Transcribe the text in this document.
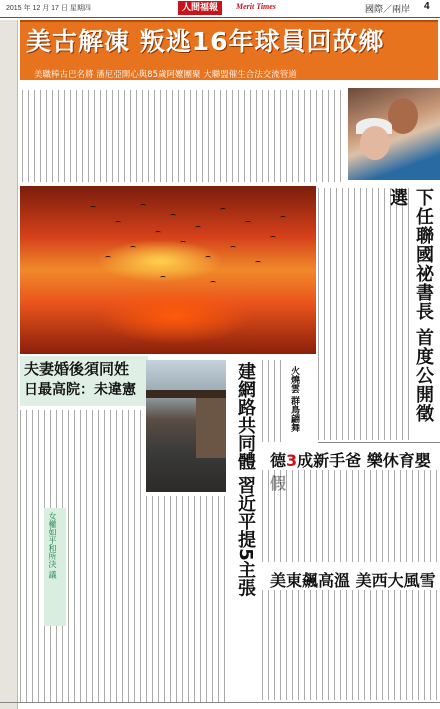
2015 年 12 月 17 日 星期四	人間福報	Merit Times	國際／兩岸 4
美古解凍 叛逃16年球員回故鄉
美職棒古巴名將 潘尼亞開心與85歲阿嬤團聚 大聯盟催生合法交流管道
下任聯國祕書長 首度公開徵選
夫妻婚後須同姓
日最高院：未違憲
女權如平和所決 議	建網路共同體 習近平提5主張	火燒雲 群鳥翩舞
德3成新手爸 樂休育嬰
美東飆高溫 美西大風雪
